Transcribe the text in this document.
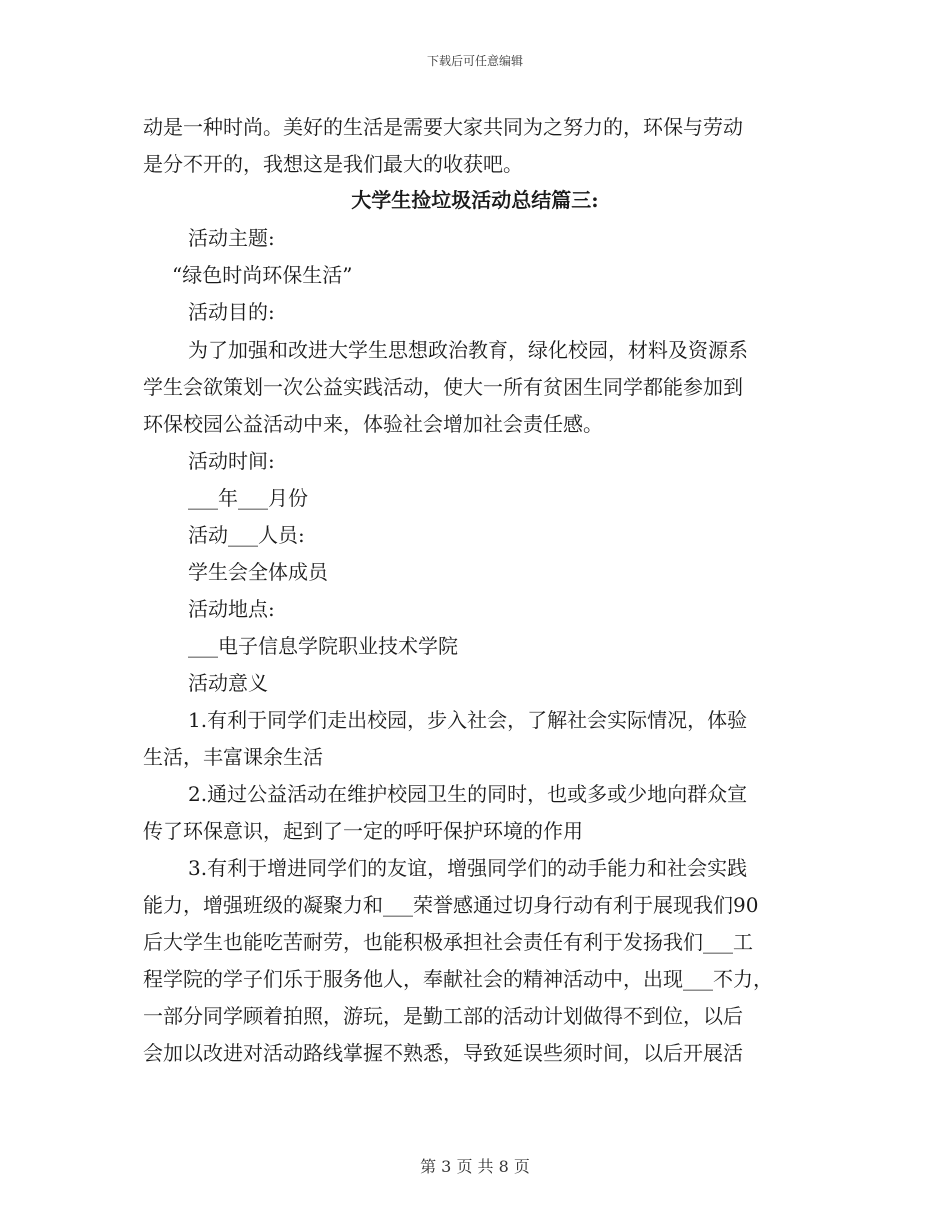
下载后可任意编辑
动是一种时尚。美好的生活是需要大家共同为之努力的，环保与劳动
是分不开的，我想这是我们最大的收获吧。
大学生捡垃圾活动总结篇三:
活动主题:
“绿色时尚环保生活”
活动目的:
为了加强和改进大学生思想政治教育，绿化校园，材料及资源系
学生会欲策划一次公益实践活动，使大一所有贫困生同学都能参加到
环保校园公益活动中来，体验社会增加社会责任感。
活动时间:
___年___月份
活动___人员:
学生会全体成员
活动地点:
___电子信息学院职业技术学院
活动意义
1.有利于同学们走出校园，步入社会，了解社会实际情况，体验
生活，丰富课余生活
2.通过公益活动在维护校园卫生的同时，也或多或少地向群众宣
传了环保意识，起到了一定的呼吁保护环境的作用
3.有利于增进同学们的友谊，增强同学们的动手能力和社会实践
能力，增强班级的凝聚力和___荣誉感通过切身行动有利于展现我们90
后大学生也能吃苦耐劳，也能积极承担社会责任有利于发扬我们___工
程学院的学子们乐于服务他人，奉献社会的精神活动中，出现___不力，
一部分同学顾着拍照，游玩，是勤工部的活动计划做得不到位，以后
会加以改进对活动路线掌握不熟悉，导致延误些须时间，以后开展活
第 3 页 共 8 页
